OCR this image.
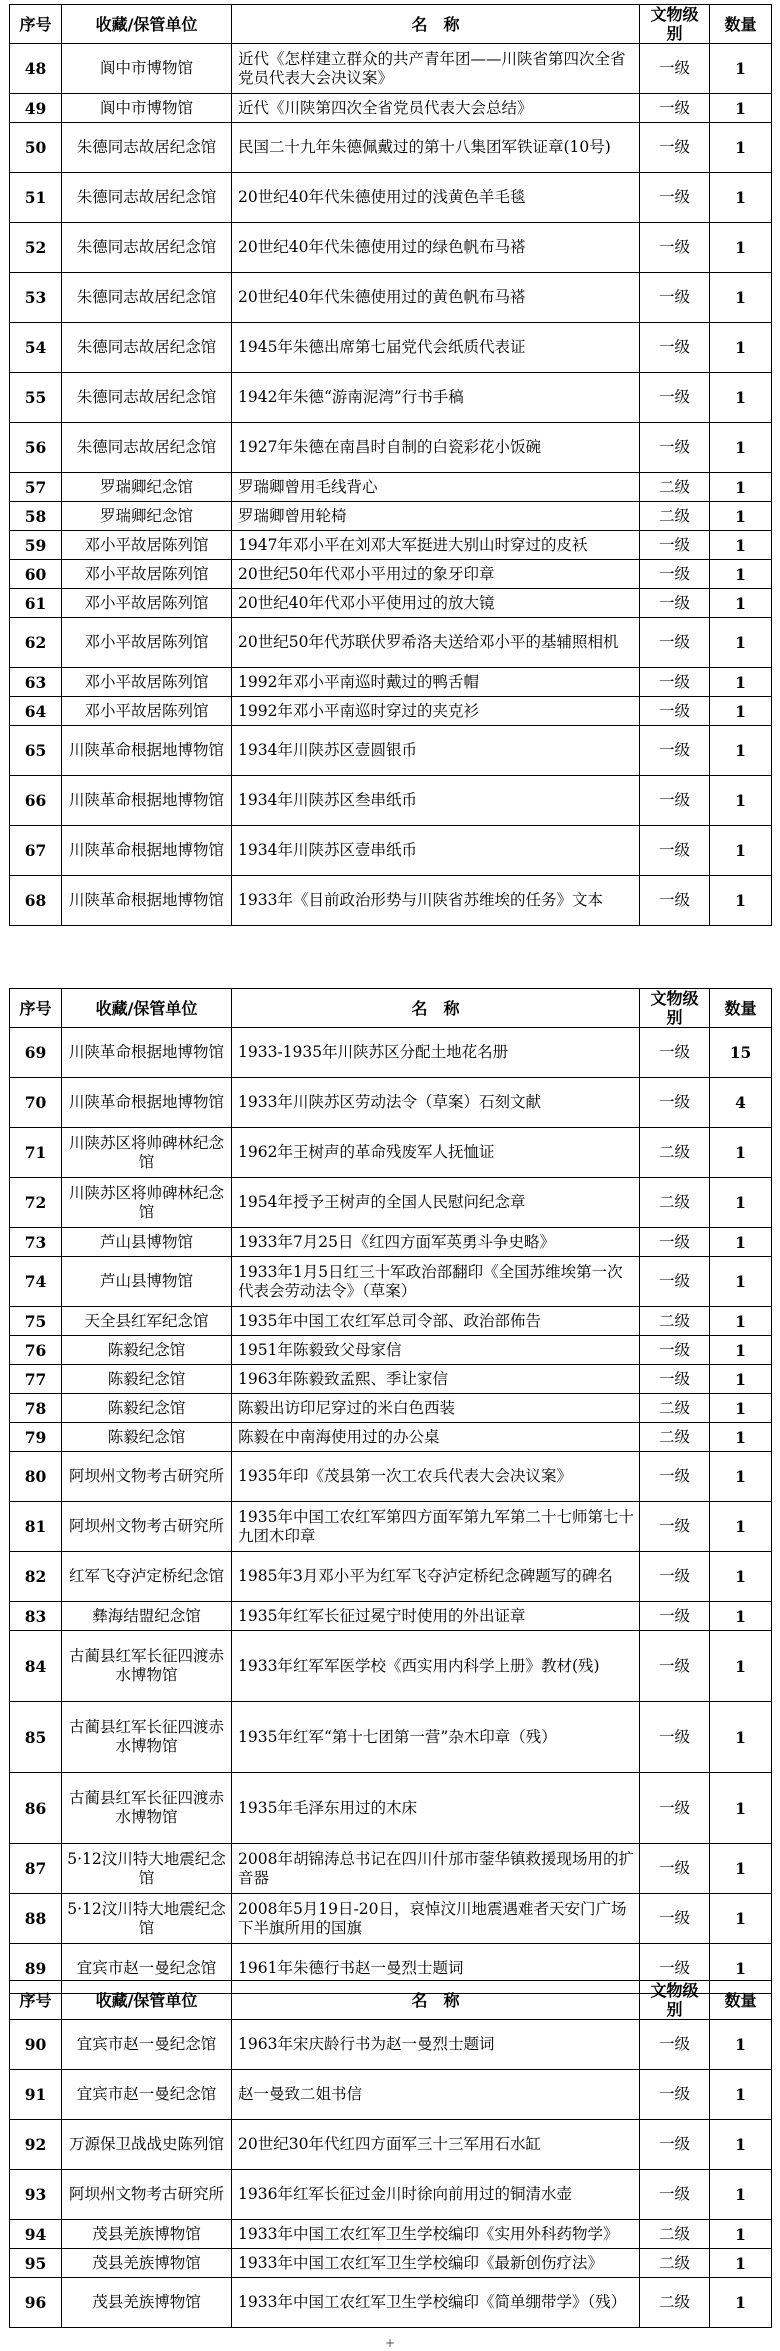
序号	收藏/保管单位	名　称	文物级别	数量
48	阆中市博物馆	近代《怎样建立群众的共产青年团——川陕省第四次全省党员代表大会决议案》	一级	1
49	阆中市博物馆	近代《川陕第四次全省党员代表大会总结》	一级	1
50	朱德同志故居纪念馆	民国二十九年朱德佩戴过的第十八集团军铁证章(10号)	一级	1
51	朱德同志故居纪念馆	20世纪40年代朱德使用过的浅黄色羊毛毯	一级	1
52	朱德同志故居纪念馆	20世纪40年代朱德使用过的绿色帆布马褡	一级	1
53	朱德同志故居纪念馆	20世纪40年代朱德使用过的黄色帆布马褡	一级	1
54	朱德同志故居纪念馆	1945年朱德出席第七届党代会纸质代表证	一级	1
55	朱德同志故居纪念馆	1942年朱德“游南泥湾”行书手稿	一级	1
56	朱德同志故居纪念馆	1927年朱德在南昌时自制的白瓷彩花小饭碗	一级	1
57	罗瑞卿纪念馆	罗瑞卿曾用毛线背心	二级	1
58	罗瑞卿纪念馆	罗瑞卿曾用轮椅	二级	1
59	邓小平故居陈列馆	1947年邓小平在刘邓大军挺进大别山时穿过的皮袄	一级	1
60	邓小平故居陈列馆	20世纪50年代邓小平用过的象牙印章	一级	1
61	邓小平故居陈列馆	20世纪40年代邓小平使用过的放大镜	一级	1
62	邓小平故居陈列馆	20世纪50年代苏联伏罗希洛夫送给邓小平的基辅照相机	一级	1
63	邓小平故居陈列馆	1992年邓小平南巡时戴过的鸭舌帽	一级	1
64	邓小平故居陈列馆	1992年邓小平南巡时穿过的夹克衫	一级	1
65	川陕革命根据地博物馆	1934年川陕苏区壹圆银币	一级	1
66	川陕革命根据地博物馆	1934年川陕苏区叁串纸币	一级	1
67	川陕革命根据地博物馆	1934年川陕苏区壹串纸币	一级	1
68	川陕革命根据地博物馆	1933年《目前政治形势与川陕省苏维埃的任务》文本	一级	1
序号	收藏/保管单位	名　称	文物级别	数量
69	川陕革命根据地博物馆	1933-1935年川陕苏区分配土地花名册	一级	15
70	川陕革命根据地博物馆	1933年川陕苏区劳动法令（草案）石刻文献	一级	4
71	川陕苏区将帅碑林纪念馆	1962年王树声的革命残废军人抚恤证	二级	1
72	川陕苏区将帅碑林纪念馆	1954年授予王树声的全国人民慰问纪念章	二级	1
73	芦山县博物馆	1933年7月25日《红四方面军英勇斗争史略》	一级	1
74	芦山县博物馆	1933年1月5日红三十军政治部翻印《全国苏维埃第一次代表会劳动法令》（草案）	一级	1
75	天全县红军纪念馆	1935年中国工农红军总司令部、政治部佈告	二级	1
76	陈毅纪念馆	1951年陈毅致父母家信	一级	1
77	陈毅纪念馆	1963年陈毅致孟熙、季让家信	一级	1
78	陈毅纪念馆	陈毅出访印尼穿过的米白色西装	二级	1
79	陈毅纪念馆	陈毅在中南海使用过的办公桌	二级	1
80	阿坝州文物考古研究所	1935年印《茂县第一次工农兵代表大会决议案》	一级	1
81	阿坝州文物考古研究所	1935年中国工农红军第四方面军第九军第二十七师第七十九团木印章	一级	1
82	红军飞夺泸定桥纪念馆	1985年3月邓小平为红军飞夺泸定桥纪念碑题写的碑名	一级	1
83	彝海结盟纪念馆	1935年红军长征过冕宁时使用的外出证章	一级	1
84	古蔺县红军长征四渡赤水博物馆	1933年红军军医学校《西实用内科学上册》教材(残)	一级	1
85	古蔺县红军长征四渡赤水博物馆	1935年红军“第十七团第一营”杂木印章（残）	一级	1
86	古蔺县红军长征四渡赤水博物馆	1935年毛泽东用过的木床	一级	1
87	5·12汶川特大地震纪念馆	2008年胡锦涛总书记在四川什邡市蓥华镇救援现场用的扩音器	一级	1
88	5·12汶川特大地震纪念馆	2008年5月19日-20日，哀悼汶川地震遇难者天安门广场下半旗所用的国旗	一级	1
89	宜宾市赵一曼纪念馆	1961年朱德行书赵一曼烈士题词	一级	1
序号	收藏/保管单位	名　称	文物级别	数量
90	宜宾市赵一曼纪念馆	1963年宋庆龄行书为赵一曼烈士题词	一级	1
91	宜宾市赵一曼纪念馆	赵一曼致二姐书信	一级	1
92	万源保卫战战史陈列馆	20世纪30年代红四方面军三十三军用石水缸	一级	1
93	阿坝州文物考古研究所	1936年红军长征过金川时徐向前用过的铜清水壶	一级	1
94	茂县羌族博物馆	1933年中国工农红军卫生学校编印《实用外科药物学》	二级	1
95	茂县羌族博物馆	1933年中国工农红军卫生学校编印《最新创伤疗法》	二级	1
96	茂县羌族博物馆	1933年中国工农红军卫生学校编印《简单绷带学》（残）	二级	1
+
